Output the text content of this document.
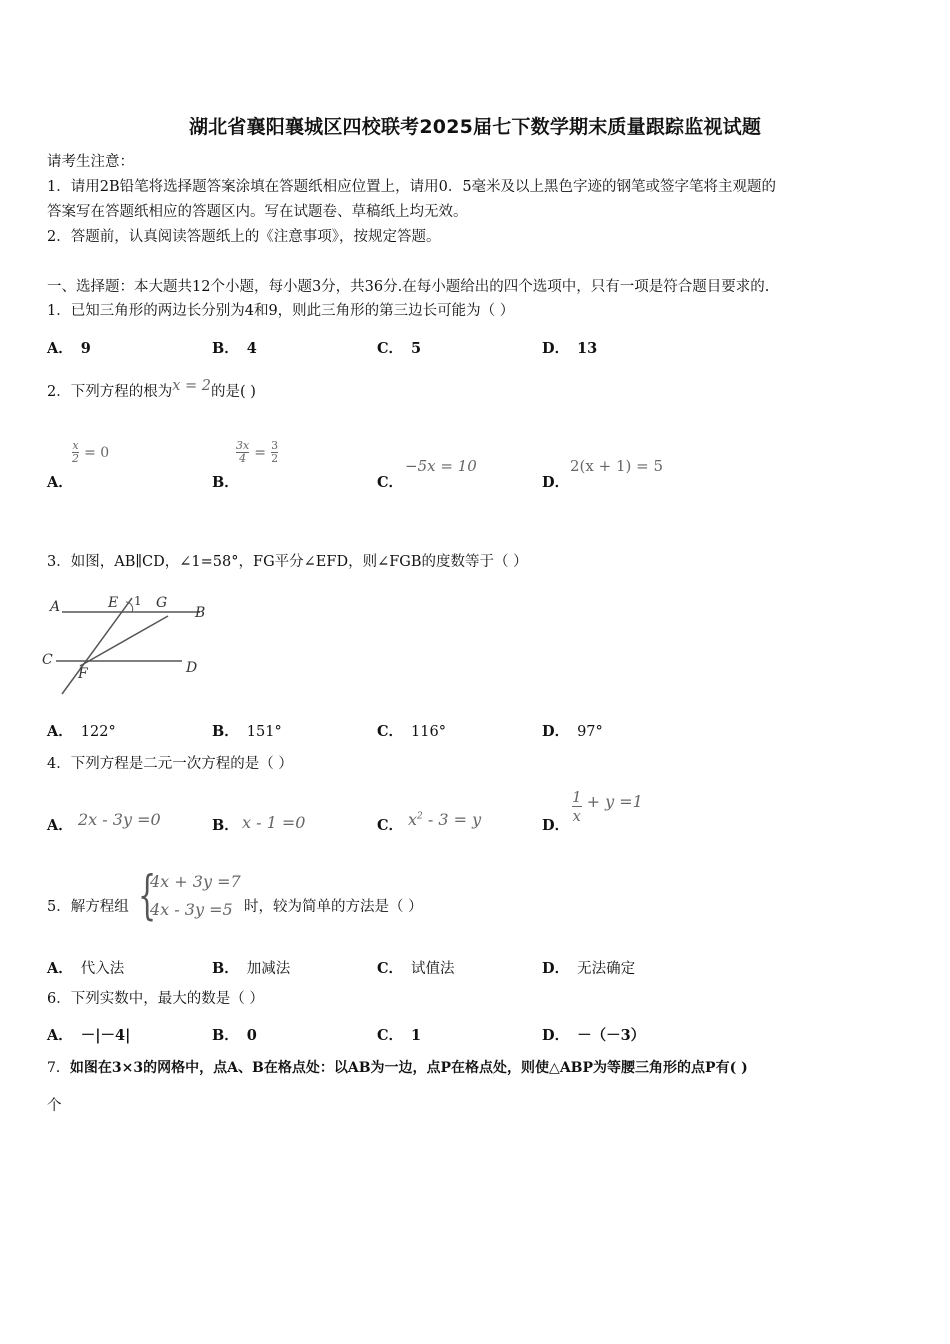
湖北省襄阳襄城区四校联考2025届七下数学期末质量跟踪监视试题
请考生注意：
1．请用2B铅笔将选择题答案涂填在答题纸相应位置上，请用0．5毫米及以上黑色字迹的钢笔或签字笔将主观题的
答案写在答题纸相应的答题区内。写在试题卷、草稿纸上均无效。
2．答题前，认真阅读答题纸上的《注意事项》，按规定答题。
一、选择题：本大题共12个小题，每小题3分，共36分.在每小题给出的四个选项中，只有一项是符合题目要求的.
1．已知三角形的两边长分别为4和9，则此三角形的第三边长可能为（ ）
A． 9	B． 4	C． 5	D． 13
2．下列方程的根为x = 2的是( )
A．
$\frac{x}{2} = 0$
B．
$\frac{3x}{4} = \frac{3}{2}$
C．
−5x = 10
D．
2(x + 1) = 5
3．如图，AB∥CD，∠1=58°，FG平分∠EFD，则∠FGB的度数等于（ ）
A	E 1 G
B
C
F	D
A． 122°	B． 151°	C． 116°	D． 97°
4．下列方程是二元一次方程的是（ ）
A． 2x - 3y =0	B． x - 1 =0	C． $x^2 - 3 = y$	D．
$\frac{1}{x} + y =1$
5．解方程组 {
4x + 3y =7
4x - 3y =5 时，较为简单的方法是（ ）
A． 代入法	B． 加减法	C． 试值法	D． 无法确定
6．下列实数中，最大的数是（ ）
A． －|－4|	B． 0	C． 1	D． －（－3）
7．如图在3×3的网格中，点A、B在格点处：以AB为一边，点P在格点处，则使△ABP为等腰三角形的点P有( )
个
